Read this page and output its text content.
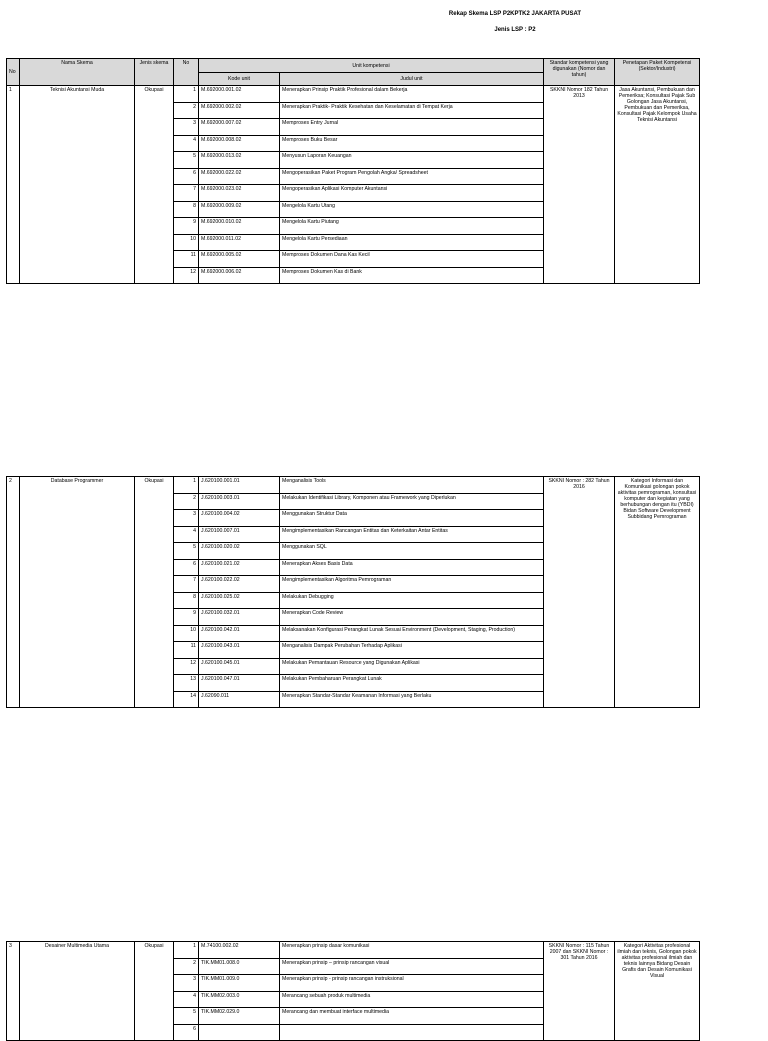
Rekap Skema LSP P2KPTK2 JAKARTA PUSAT
Jenis LSP : P2
No	Nama Skema	Jenis skema	No	Unit kompetensi		Standar kompetensi yang digunakan (Nomor dan tahun)	Penetapan Paket Kompetensi (Sektor/Industri)
				Kode unit	Judul unit		
1	Teknisi Akuntansi Muda	Okupasi	1	M.692000.001.02	Menerapkan Prinsip Praktik Profesional dalam Bekerja	SKKNI Nomor 182 Tahun 2013	Jasa Akuntansi, Pembukuan dan Pemeriksa; Konsultasi Pajak Sub Golongan Jasa Akuntansi, Pembukuan dan Pemeriksa, Konsultasi Pajak Kelompok Usaha Teknisi Akuntansi
			2	M.692000.002.02	Menerapkan Praktik- Praktik Kesehatan dan Keselamatan di Tempat Kerja		
			3	M.692000.007.02	Memproses Entry Jurnal		
			4	M.692000.008.02	Memproses Buku Besar		
			5	M.692000.013.02	Menyusun Laporan Keuangan		
			6	M.692000.022.02	Mengoperasikan Paket Program Pengolah Angka/ Spreadsheet		
			7	M.692000.023.02	Mengoperasikan Aplikasi Komputer Akuntansi		
			8	M.692000.009.02	Mengelola Kartu Utang		
			9	M.692000.010.02	Mengelola Kartu Piutang		
			10	M.692000.011.02	Mengelola Kartu Persediaan		
			11	M.692000.005.02	Memproses Dokumen Dana Kas Kecil		
			12	M.692000.006.02	Memproses Dokumen Kas di Bank		
2	Database Programmer	Okupasi	1	J.620100.001.01	Menganalisis Tools	SKKNI Nomor : 282 Tahun 2016	Kategori Informasi dan Komunikasi golongan pokok aktivitas pemrograman, konsultasi komputer dan kegiatan yang berhubungan dengan itu (YBDI) Bidan Software Development Subbidang Pemrograman
			2	J.620100.003.01	Melakukan Identifikasi Library, Komponen atau Framework yang Diperlukan		
			3	J.620100.004.02	Menggunakan Struktur Data		
			4	J.620100.007.01	Mengimplementasikan Rancangan Entitas dan Keterkaitan Antar Entitas		
			5	J.620100.020.02	Menggunakan SQL		
			6	J.620100.021.02	Menerapkan Akses Basis Data		
			7	J.620100.022.02	Mengimplementasikan Algoritma Pemrograman		
			8	J.620100.025.02	Melakukan Debugging		
			9	J.620100.032.01	Menerapkan Code Review		
			10	J.620100.042.01	Melaksanakan Konfigurasi Perangkat Lunak Sesuai Environment (Development, Staging, Production)		
			11	J.620100.043.01	Menganalisis Dampak Perubahan Terhadap Aplikasi		
			12	J.620100.045.01	Melakukan Pemantauan Resource yang Digunakan Aplikasi		
			13	J.620100.047.01	Melakukan Pembaharuan Perangkat Lunak		
			14	J.62090.011	Menerapkan Standar-Standar Keamanan Informasi yang Berlaku		
3	Desainer Multimedia Utama	Okupasi	1	M.74100.002.02	Menerapkan prinsip dasar komunikasi	SKKNI Nomor : 115 Tahun 2007 dan SKKNI Nomor : 301 Tahun 2016	Kategori Aktivitas profesional ilmiah dan teknis, Golongan pokok aktivitas profesional ilmiah dan teknis lainnya Bidang Desain Grafis dan Desain Komunikasi Visual
			2	TIK.MM01.008.0	Menerapkan prinsip – prinsip rancangan visual		
			3	TIK.MM01.009.0	Menerapkan prinsip - prinsip rancangan instruksional		
			4	TIK.MM02.003.0	Merancang sebuah produk multimedia		
			5	TIK.MM02.029.0	Merancang dan membuat interface multimedia		
			6				
